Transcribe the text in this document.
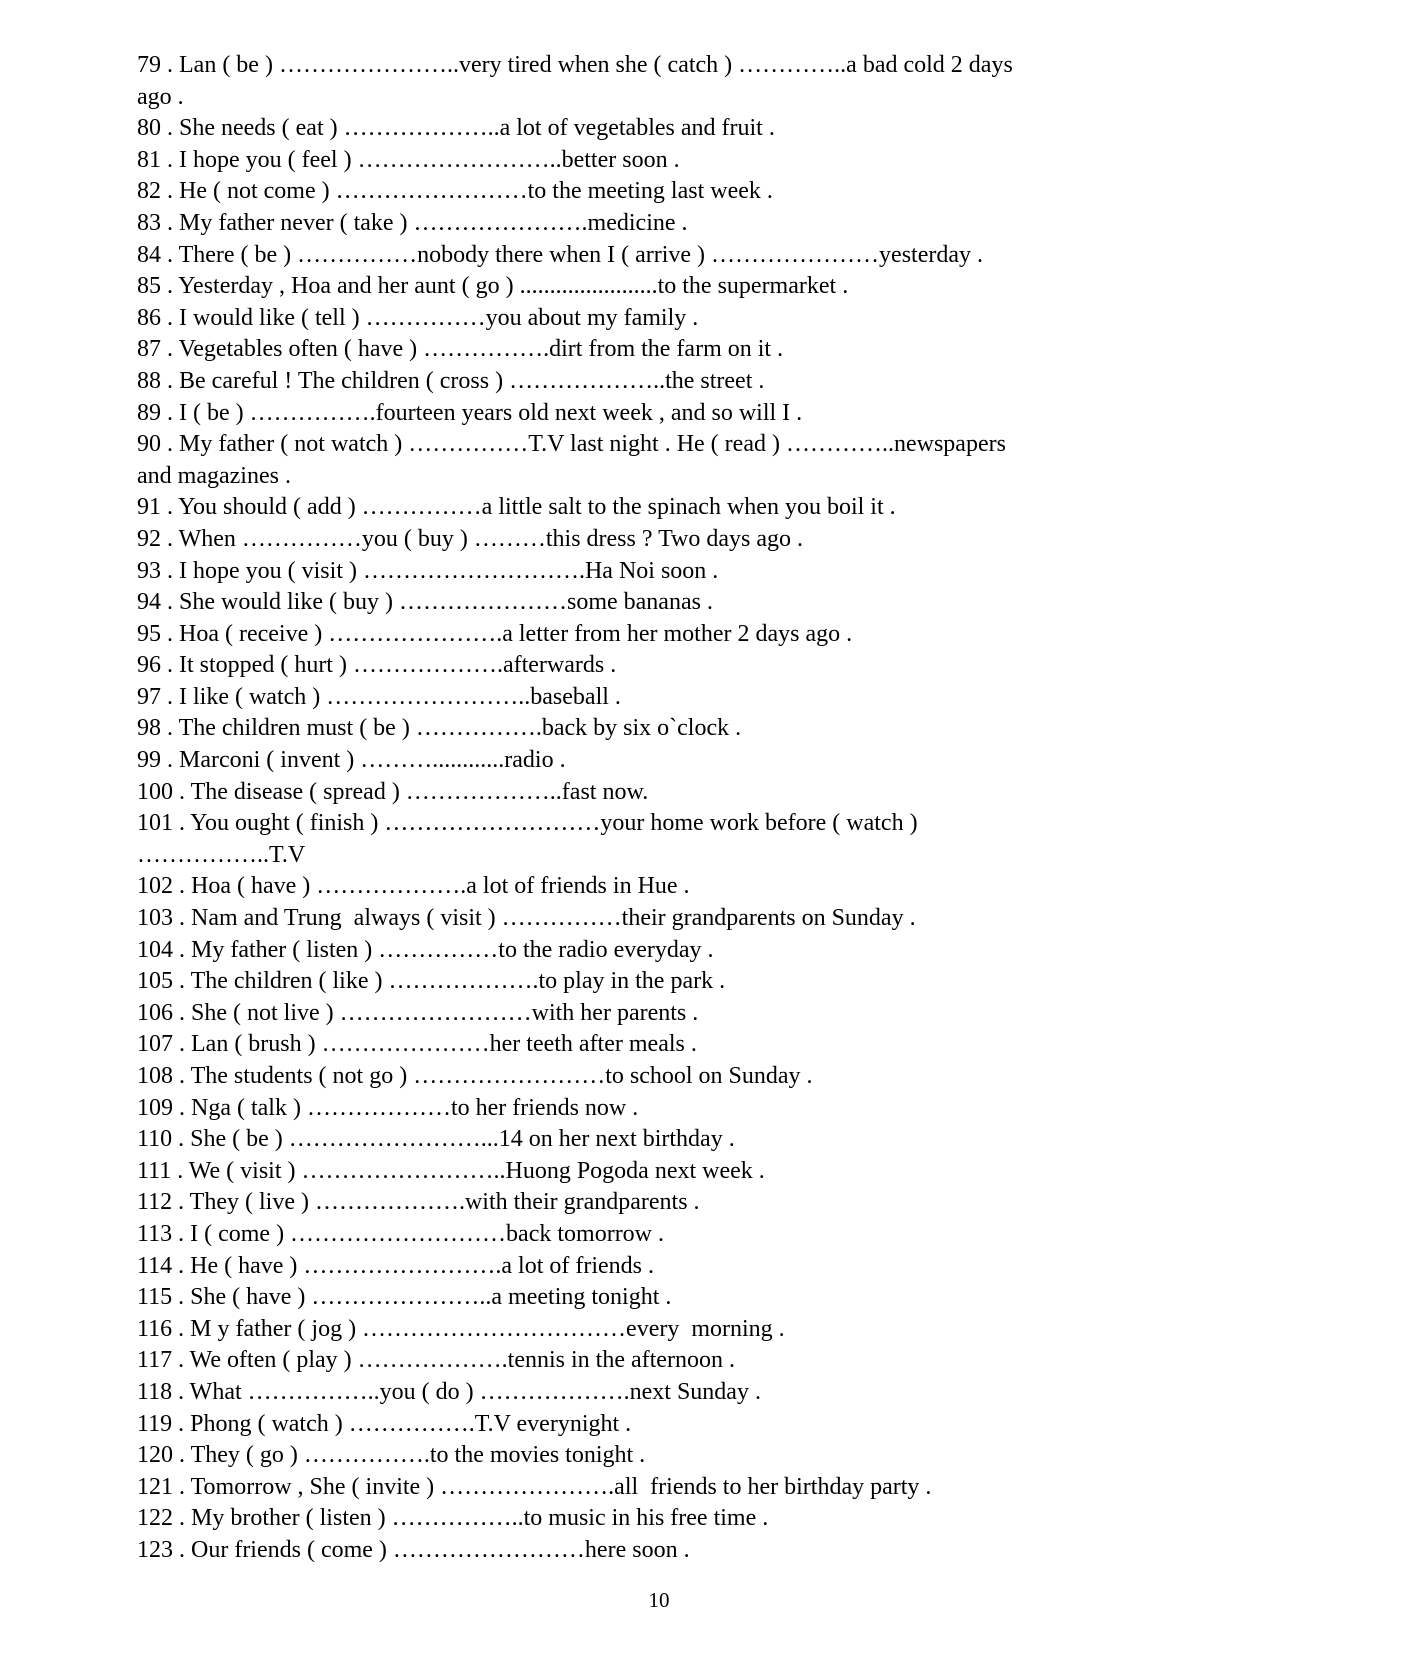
79 . Lan ( be ) …………………..very tired when she ( catch ) …………..a bad cold 2 days
ago .
80 . She needs ( eat ) ………………..a lot of vegetables and fruit .
81 . I hope you ( feel ) ……………………..better soon .
82 . He ( not come ) ……………………to the meeting last week .
83 . My father never ( take ) ………………….medicine .
84 . There ( be ) ……………nobody there when I ( arrive ) …………………yesterday .
85 . Yesterday , Hoa and her aunt ( go ) .......................to the supermarket .
86 . I would like ( tell ) ……………you about my family .
87 . Vegetables often ( have ) …………….dirt from the farm on it .
88 . Be careful ! The children ( cross ) ………………..the street .
89 . I ( be ) …………….fourteen years old next week , and so will I .
90 . My father ( not watch ) ……………T.V last night . He ( read ) …………..newspapers
and magazines .
91 . You should ( add ) ……………a little salt to the spinach when you boil it .
92 . When ……………you ( buy ) ………this dress ? Two days ago .
93 . I hope you ( visit ) ……………………….Ha Noi soon .
94 . She would like ( buy ) …………………some bananas .
95 . Hoa ( receive ) ………………….a letter from her mother 2 days ago .
96 . It stopped ( hurt ) ……………….afterwards .
97 . I like ( watch ) ……………………..baseball .
98 . The children must ( be ) …………….back by six o`clock .
99 . Marconi ( invent ) ………............radio .
100 . The disease ( spread ) ………………..fast now.
101 . You ought ( finish ) ………………………your home work before ( watch )
……………..T.V
102 . Hoa ( have ) ……………….a lot of friends in Hue .
103 . Nam and Trung  always ( visit ) ……………their grandparents on Sunday .
104 . My father ( listen ) ……………to the radio everyday .
105 . The children ( like ) ……………….to play in the park .
106 . She ( not live ) ……………………with her parents .
107 . Lan ( brush ) …………………her teeth after meals .
108 . The students ( not go ) ……………………to school on Sunday .
109 . Nga ( talk ) ………………to her friends now .
110 . She ( be ) ……………………...14 on her next birthday .
111 . We ( visit ) ……………………..Huong Pogoda next week .
112 . They ( live ) ……………….with their grandparents .
113 . I ( come ) ………………………back tomorrow .
114 . He ( have ) …………………….a lot of friends .
115 . She ( have ) …………………..a meeting tonight .
116 . M y father ( jog ) ……………………………every  morning .
117 . We often ( play ) ……………….tennis in the afternoon .
118 . What ……………..you ( do ) ……………….next Sunday .
119 . Phong ( watch ) …………….T.V everynight .
120 . They ( go ) …………….to the movies tonight .
121 . Tomorrow , She ( invite ) ………………….all  friends to her birthday party .
122 . My brother ( listen ) ……………..to music in his free time .
123 . Our friends ( come ) ……………………here soon .
10
